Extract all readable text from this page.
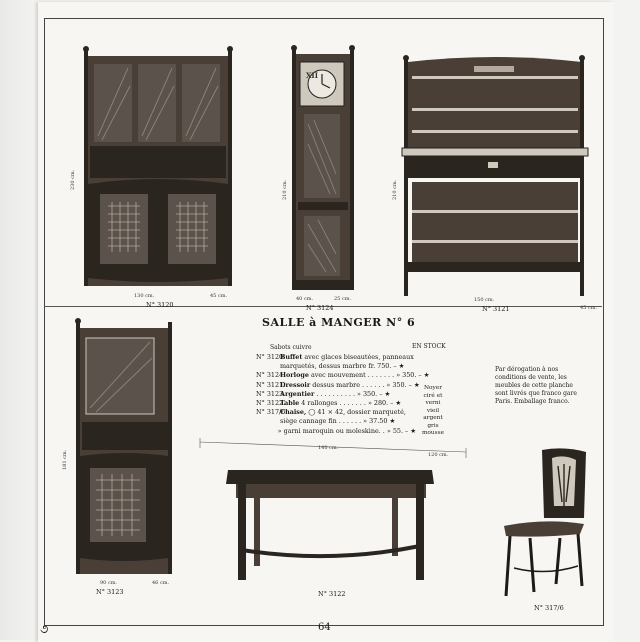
230 cm.
130 cm.	45 cm.
N° 3120
XII
210 cm.
40 cm.	25 cm.
N° 3124
210 cm.
150 cm.
45 cm.
N° 3121
181 cm.
90 cm.	46 cm.
N° 3123
140 cm.
120 cm.
N° 3122
N° 317/6
SALLE à MANGER N° 6
Sabots cuivre	EN STOCK
N° 3120.
Buffet
avec glaces biseautées, panneaux
marquetés, dessus marbre
fr. 750. – ★
N° 3124.
Horloge
avec mouvement . . . . . . .
» 350. –
N° 3121.
Dressoir
dessus marbre . . . . . .
» 350. – ★
N° 3123.
Argentier
. . . . . . . . . .
» 350. – ★
N° 3122.
Table
4 rallonges . . . . . . .
» 280. – ★
N° 317/6.
Chaise,
◯ 41 × 42, dossier marqueté,
siège cannage fin . . . . . .
» 37.50 ★
» garni maroquin ou moleskine. .
» 55. – ★
Noyer
ciré et verni
vieil argent
gris mousse
Par dérogation à nos conditions de vente, les meubles de cette planche sont livrés que franco gare Paris. Emballage franco.
૭	64
